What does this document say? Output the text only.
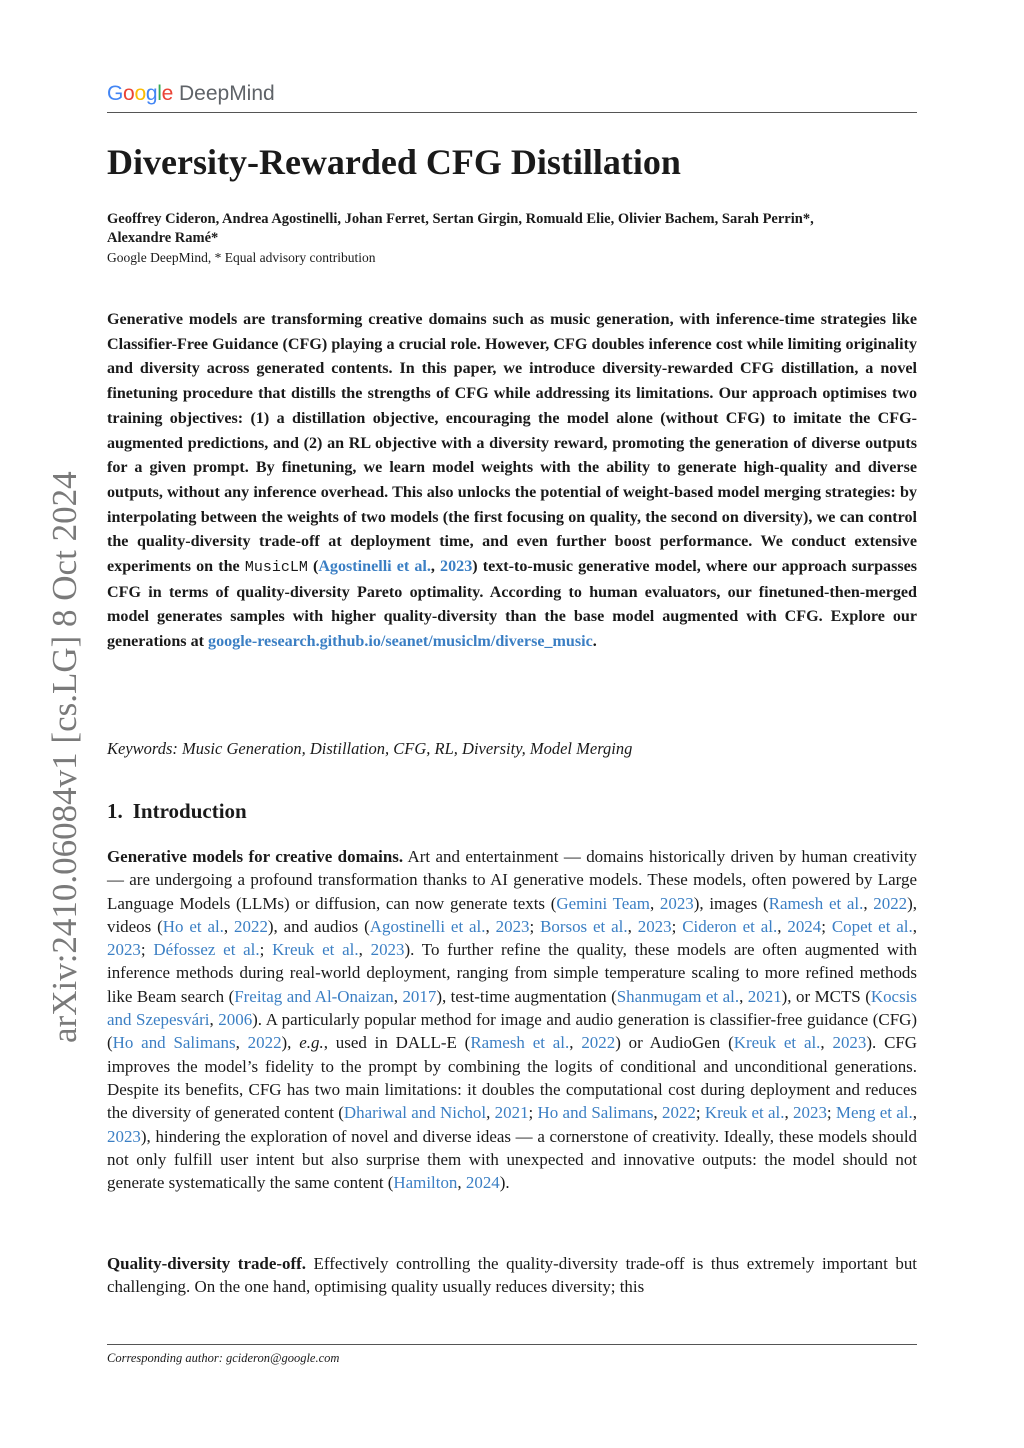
Google DeepMind
arXiv:2410.06084v1 [cs.LG] 8 Oct 2024
Diversity-Rewarded CFG Distillation
Geoffrey Cideron, Andrea Agostinelli, Johan Ferret, Sertan Girgin, Romuald Elie, Olivier Bachem, Sarah Perrin*, Alexandre Ramé*
Google DeepMind, * Equal advisory contribution

Generative models are transforming creative domains such as music generation, with inference-time strategies like Classifier-Free Guidance (CFG) playing a crucial role. However, CFG doubles inference cost while limiting originality and diversity across generated contents. In this paper, we introduce diversity-rewarded CFG distillation, a novel finetuning procedure that distills the strengths of CFG while addressing its limitations. Our approach optimises two training objectives: (1) a distillation objective, encouraging the model alone (without CFG) to imitate the CFG-augmented predictions, and (2) an RL objective with a diversity reward, promoting the generation of diverse outputs for a given prompt. By finetuning, we learn model weights with the ability to generate high-quality and diverse outputs, without any inference overhead. This also unlocks the potential of weight-based model merging strategies: by interpolating between the weights of two models (the first focusing on quality, the second on diversity), we can control the quality-diversity trade-off at deployment time, and even further boost performance. We conduct extensive experiments on the MusicLM (Agostinelli et al., 2023) text-to-music generative model, where our approach surpasses CFG in terms of quality-diversity Pareto optimality. According to human evaluators, our finetuned-then-merged model generates samples with higher quality-diversity than the base model augmented with CFG. Explore our generations at google-research.github.io/seanet/musiclm/diverse_music.

Keywords: Music Generation, Distillation, CFG, RL, Diversity, Model Merging
1. Introduction

Generative models for creative domains. Art and entertainment — domains historically driven by human creativity — are undergoing a profound transformation thanks to AI generative models. These models, often powered by Large Language Models (LLMs) or diffusion, can now generate texts (Gemini Team, 2023), images (Ramesh et al., 2022), videos (Ho et al., 2022), and audios (Agostinelli et al., 2023; Borsos et al., 2023; Cideron et al., 2024; Copet et al., 2023; Défossez et al.; Kreuk et al., 2023). To further refine the quality, these models are often augmented with inference methods during real-world deployment, ranging from simple temperature scaling to more refined methods like Beam search (Freitag and Al-Onaizan, 2017), test-time augmentation (Shanmugam et al., 2021), or MCTS (Kocsis and Szepesvári, 2006). A particularly popular method for image and audio generation is classifier-free guidance (CFG) (Ho and Salimans, 2022), e.g., used in DALL-E (Ramesh et al., 2022) or AudioGen (Kreuk et al., 2023). CFG improves the model’s fidelity to the prompt by combining the logits of conditional and unconditional generations. Despite its benefits, CFG has two main limitations: it doubles the computational cost during deployment and reduces the diversity of generated content (Dhariwal and Nichol, 2021; Ho and Salimans, 2022; Kreuk et al., 2023; Meng et al., 2023), hindering the exploration of novel and diverse ideas — a cornerstone of creativity. Ideally, these models should not only fulfill user intent but also surprise them with unexpected and innovative outputs: the model should not generate systematically the same content (Hamilton, 2024).

Quality-diversity trade-off. Effectively controlling the quality-diversity trade-off is thus extremely important but challenging. On the one hand, optimising quality usually reduces diversity; this

Corresponding author: gcideron@google.com
